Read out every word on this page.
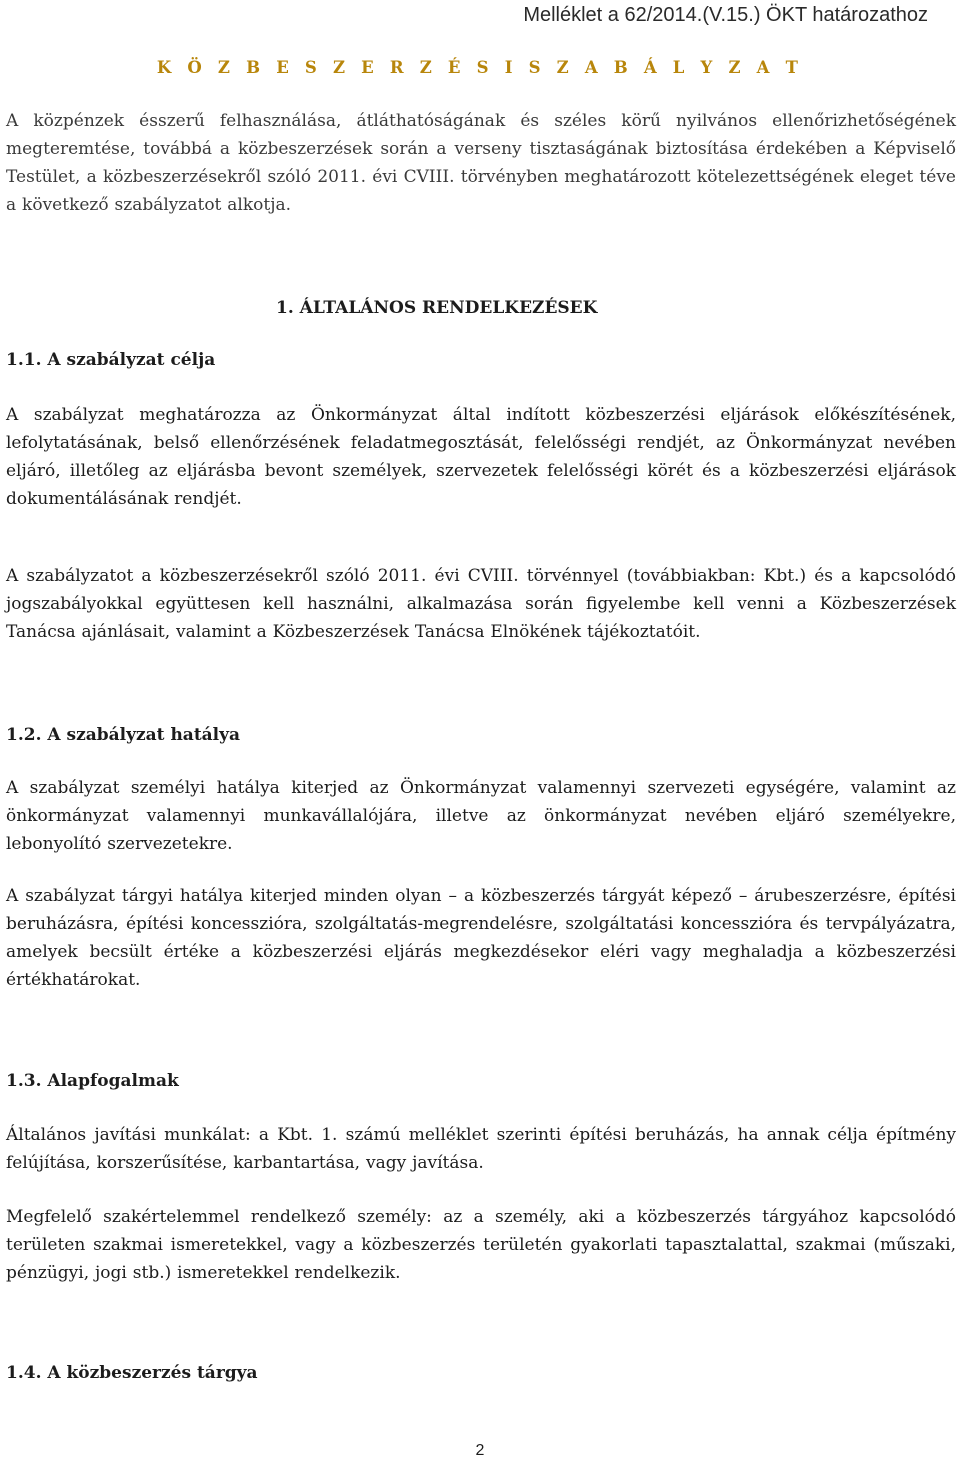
Melléklet a 62/2014.(V.15.) ÖKT határozathoz
K Ö Z B E S Z E R Z É S I S Z A B Á L Y Z A T
A közpénzek ésszerű felhasználása, átláthatóságának és széles körű nyilvános ellenőrizhetőségének megteremtése, továbbá a közbeszerzések során a verseny tisztaságának biztosítása érdekében a Képviselő Testület, a közbeszerzésekről szóló 2011. évi CVIII. törvényben meghatározott kötelezettségének eleget téve a következő szabályzatot alkotja.
1. ÁLTALÁNOS RENDELKEZÉSEK
1.1. A szabályzat célja
A szabályzat meghatározza az Önkormányzat által indított közbeszerzési eljárások előkészítésének, lefolytatásának, belső ellenőrzésének feladatmegosztását, felelősségi rendjét, az Önkormányzat nevében eljáró, illetőleg az eljárásba bevont személyek, szervezetek felelősségi körét és a közbeszerzési eljárások dokumentálásának rendjét.
A szabályzatot a közbeszerzésekről szóló 2011. évi CVIII. törvénnyel (továbbiakban: Kbt.) és a kapcsolódó jogszabályokkal együttesen kell használni, alkalmazása során figyelembe kell venni a Közbeszerzések Tanácsa ajánlásait, valamint a Közbeszerzések Tanácsa Elnökének tájékoztatóit.
1.2. A szabályzat hatálya
A szabályzat személyi hatálya kiterjed az Önkormányzat valamennyi szervezeti egységére, valamint az önkormányzat valamennyi munkavállalójára, illetve az önkormányzat nevében eljáró személyekre, lebonyolító szervezetekre.
A szabályzat tárgyi hatálya kiterjed minden olyan – a közbeszerzés tárgyát képező – árubeszerzésre, építési beruházásra, építési koncesszióra, szolgáltatás-megrendelésre, szolgáltatási koncesszióra és tervpályázatra, amelyek becsült értéke a közbeszerzési eljárás megkezdésekor eléri vagy meghaladja a közbeszerzési értékhatárokat.
1.3. Alapfogalmak
Általános javítási munkálat: a Kbt. 1. számú melléklet szerinti építési beruházás, ha annak célja építmény felújítása, korszerűsítése, karbantartása, vagy javítása.
Megfelelő szakértelemmel rendelkező személy: az a személy, aki a közbeszerzés tárgyához kapcsolódó területen szakmai ismeretekkel, vagy a közbeszerzés területén gyakorlati tapasztalattal, szakmai (műszaki, pénzügyi, jogi stb.) ismeretekkel rendelkezik.
1.4. A közbeszerzés tárgya
2
